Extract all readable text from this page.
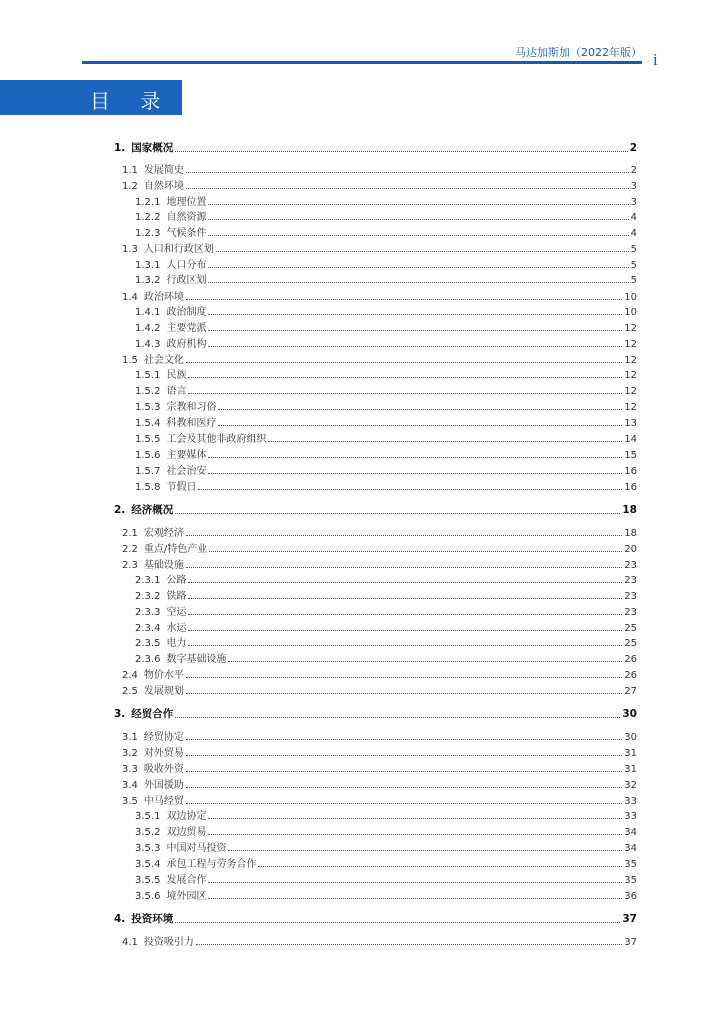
马达加斯加（2022年版） i
目 录
1. 国家概况	2
1.1 发展简史	2
1.2 自然环境	3
1.2.1 地理位置	3
1.2.2 自然资源	4
1.2.3 气候条件	4
1.3 人口和行政区划	5
1.3.1 人口分布	5
1.3.2 行政区划	5
1.4 政治环境	10
1.4.1 政治制度	10
1.4.2 主要党派	12
1.4.3 政府机构	12
1.5 社会文化	12
1.5.1 民族	12
1.5.2 语言	12
1.5.3 宗教和习俗	12
1.5.4 科教和医疗	13
1.5.5 工会及其他非政府组织	14
1.5.6 主要媒体	15
1.5.7 社会治安	16
1.5.8 节假日	16
2. 经济概况	18
2.1 宏观经济	18
2.2 重点/特色产业	20
2.3 基础设施	23
2.3.1 公路	23
2.3.2 铁路	23
2.3.3 空运	23
2.3.4 水运	25
2.3.5 电力	25
2.3.6 数字基础设施	26
2.4 物价水平	26
2.5 发展规划	27
3. 经贸合作	30
3.1 经贸协定	30
3.2 对外贸易	31
3.3 吸收外资	31
3.4 外国援助	32
3.5 中马经贸	33
3.5.1 双边协定	33
3.5.2 双边贸易	34
3.5.3 中国对马投资	34
3.5.4 承包工程与劳务合作	35
3.5.5 发展合作	35
3.5.6 境外园区	36
4. 投资环境	37
4.1 投资吸引力	37
